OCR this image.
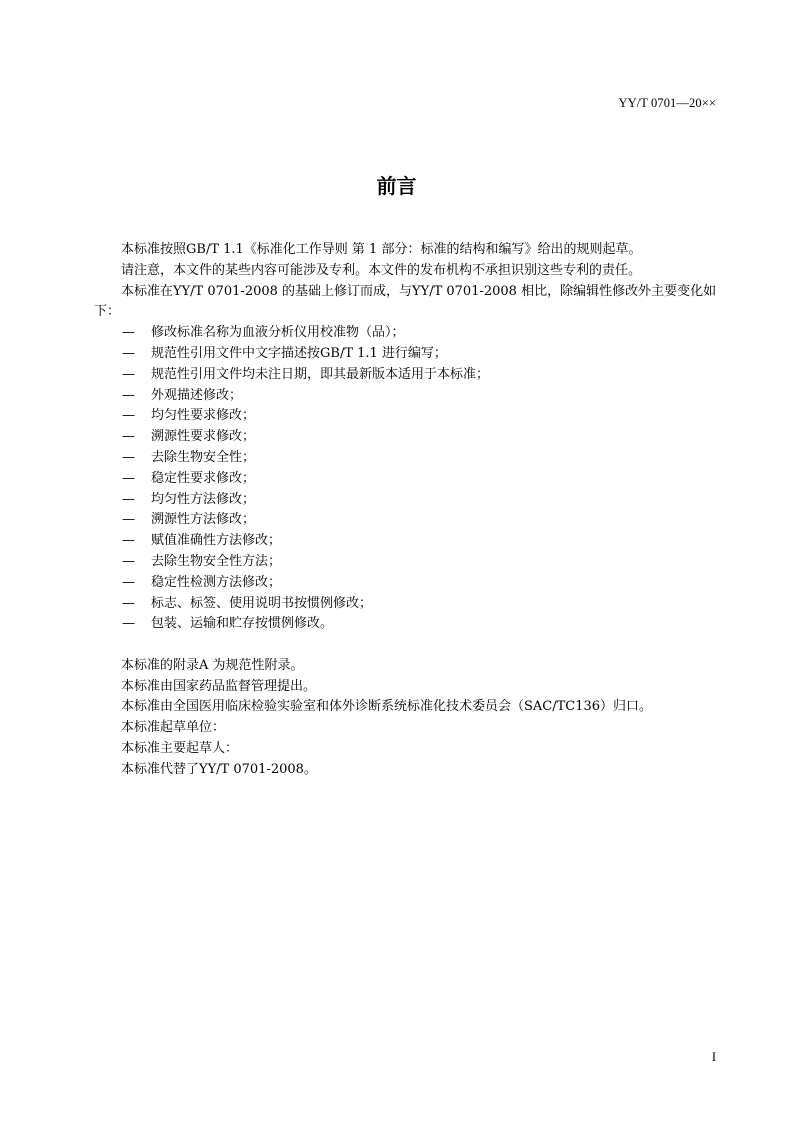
YY/T 0701—20××
前言

本标准按照GB/T 1.1《标准化工作导则 第 1 部分：标准的结构和编写》给出的规则起草。

请注意，本文件的某些内容可能涉及专利。本文件的发布机构不承担识别这些专利的责任。

本标准在YY/T 0701-2008 的基础上修订而成，与YY/T 0701-2008 相比，除编辑性修改外主要变化如下：

— 修改标准名称为血液分析仪用校准物（品）；
— 规范性引用文件中文字描述按GB/T 1.1 进行编写；
— 规范性引用文件均未注日期，即其最新版本适用于本标准；
— 外观描述修改；
— 均匀性要求修改；
— 溯源性要求修改；
— 去除生物安全性；
— 稳定性要求修改；
— 均匀性方法修改；
— 溯源性方法修改；
— 赋值准确性方法修改；
— 去除生物安全性方法；
— 稳定性检测方法修改；
— 标志、标签、使用说明书按惯例修改；
— 包装、运输和贮存按惯例修改。

本标准的附录A 为规范性附录。

本标准由国家药品监督管理提出。

本标准由全国医用临床检验实验室和体外诊断系统标准化技术委员会（SAC/TC136）归口。

本标准起草单位：

本标准主要起草人：

本标准代替了YY/T 0701-2008。

I
